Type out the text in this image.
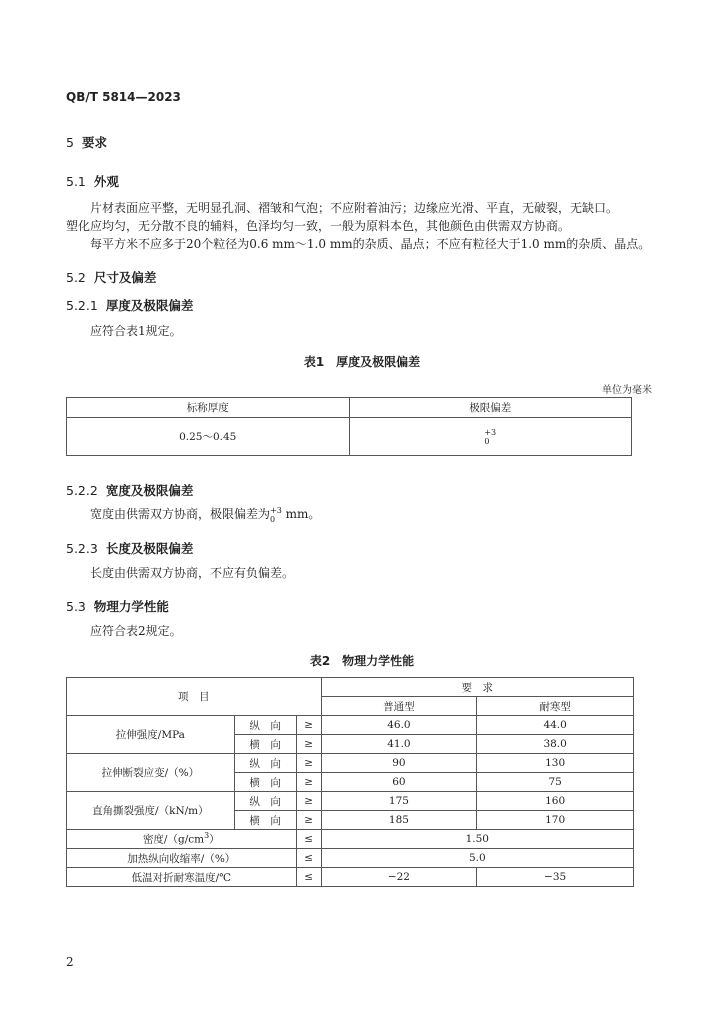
QB/T 5814—2023
5 要求
5.1 外观
片材表面应平整，无明显孔洞、褶皱和气泡；不应附着油污；边缘应光滑、平直，无破裂，无缺口。
塑化应均匀，无分散不良的辅料，色泽均匀一致，一般为原料本色，其他颜色由供需双方协商。
每平方米不应多于20个粒径为0.6 mm～1.0 mm的杂质、晶点；不应有粒径大于1.0 mm的杂质、晶点。
5.2 尺寸及偏差
5.2.1 厚度及极限偏差
应符合表1规定。
表1　厚度及极限偏差
单位为毫米
标称厚度	极限偏差
0.25～0.45	+3
0
5.2.2 宽度及极限偏差
宽度由供需双方协商，极限偏差为+3
0 mm。
5.2.3 长度及极限偏差
长度由供需双方协商，不应有负偏差。
5.3 物理力学性能
应符合表2规定。
表2　物理力学性能
项　目			要　求	
			普通型	耐寒型
拉伸强度/MPa	纵　向	≥	46.0	44.0
	横　向	≥	41.0	38.0
拉伸断裂应变/（%）	纵　向	≥	90	130
	横　向	≥	60	75
直角撕裂强度/（kN/m）	纵　向	≥	175	160
	横　向	≥	185	170
密度$/(g/cm^3)$		≤	1.50	
加热纵向收缩率/（%）		≤	5.0	
低温对折耐寒温度/℃		≤	−22	−35
2
